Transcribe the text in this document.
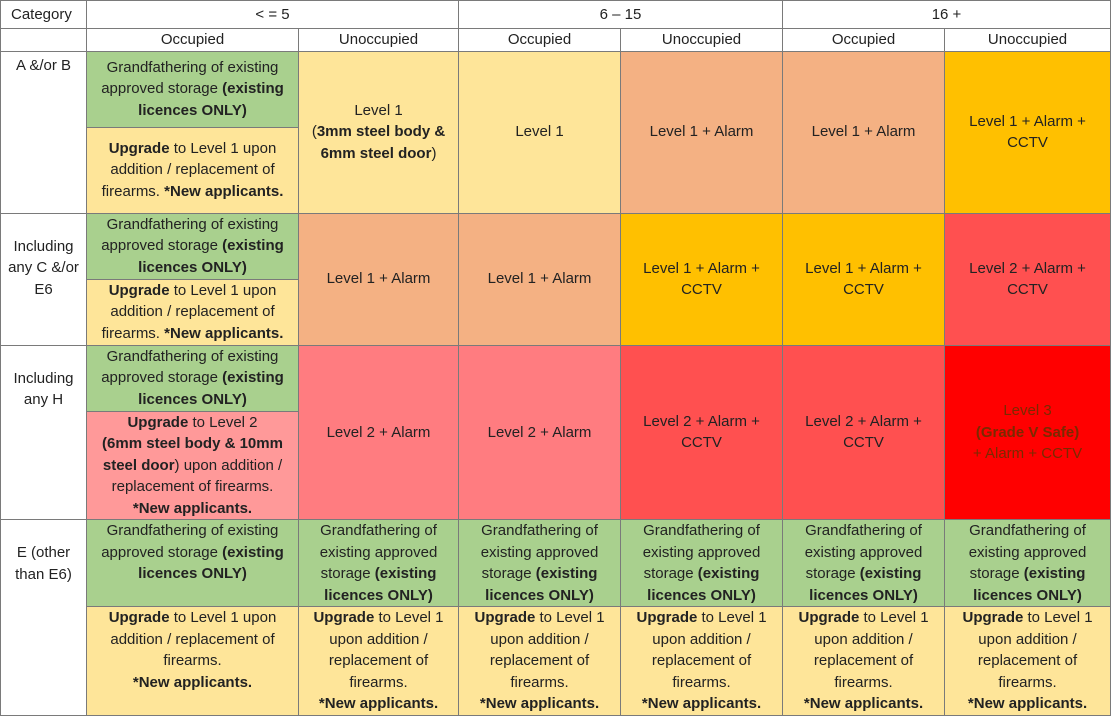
Category	< = 5		6 – 15		16 +	
	Occupied	Unoccupied	Occupied	Unoccupied	Occupied	Unoccupied
A &/or B	Grandfathering of existing
approved storage (existing
licences ONLY)	Level 1
(3mm steel body &
6mm steel door)	Level 1	Level 1 + Alarm	Level 1 + Alarm	Level 1 + Alarm + CCTV
	Upgrade to Level 1 upon
addition / replacement of
firearms. *New applicants.					
Including any C &/or E6	Grandfathering of existing
approved storage (existing
licences ONLY)	Level 1 + Alarm	Level 1 + Alarm	Level 1 + Alarm + CCTV	Level 1 + Alarm + CCTV	Level 2 + Alarm + CCTV
	Upgrade to Level 1 upon
addition / replacement of
firearms. *New applicants.					
Including any H	Grandfathering of existing
approved storage (existing
licences ONLY)	Level 2 + Alarm	Level 2 + Alarm	Level 2 + Alarm + CCTV	Level 2 + Alarm + CCTV	Level 3
(Grade V Safe)
+ Alarm + CCTV
	Upgrade to Level 2
(6mm steel body & 10mm
steel door) upon addition /
replacement of firearms.
*New applicants.					
E (other than E6)	Grandfathering of existing
approved storage (existing
licences ONLY)	Grandfathering of
existing approved
storage (existing
licences ONLY)	Grandfathering of
existing approved
storage (existing
licences ONLY)	Grandfathering of
existing approved
storage (existing
licences ONLY)	Grandfathering of
existing approved
storage (existing
licences ONLY)	Grandfathering of
existing approved
storage (existing
licences ONLY)
	Upgrade to Level 1 upon
addition / replacement of
firearms.
*New applicants.	Upgrade to Level 1
upon addition /
replacement of
firearms.
*New applicants.	Upgrade to Level 1
upon addition /
replacement of
firearms.
*New applicants.	Upgrade to Level 1
upon addition /
replacement of
firearms.
*New applicants.	Upgrade to Level 1
upon addition /
replacement of
firearms.
*New applicants.	Upgrade to Level 1
upon addition /
replacement of
firearms.
*New applicants.
